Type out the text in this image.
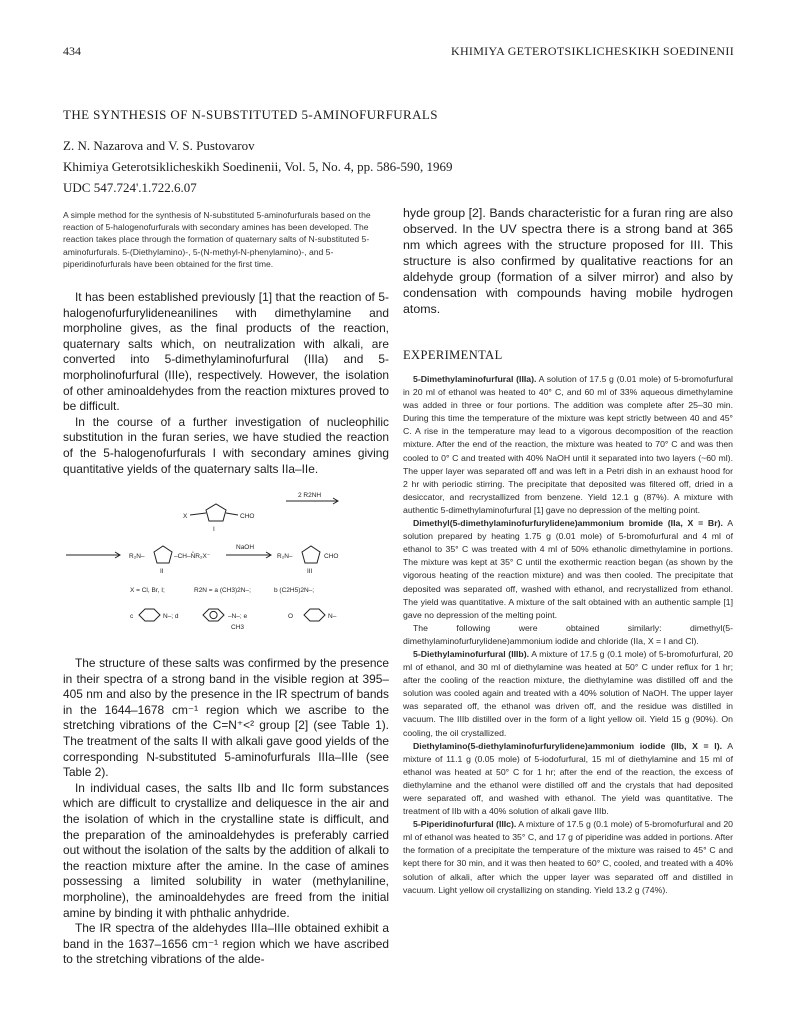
434	KHIMIYA GETEROTSIKLICHESKIKH SOEDINENII
THE SYNTHESIS OF N-SUBSTITUTED 5-AMINOFURFURALS
Z. N. Nazarova and V. S. Pustovarov
Khimiya Geterotsiklicheskikh Soedinenii, Vol. 5, No. 4, pp. 586-590, 1969
UDC 547.724'.1.722.6.07
A simple method for the synthesis of N-substituted 5-aminofurfurals based on the reaction of 5-halogenofurfurals with secondary amines has been developed. The reaction takes place through the formation of quaternary salts of N-substituted 5-aminofurfurals. 5-(Diethylamino)-, 5-(N-methyl-N-phenylamino)-, and 5-piperidinofurfurals have been obtained for the first time.

It has been established previously [1] that the reaction of 5-halogenofurfurylideneanilines with dimethylamine and morpholine gives, as the final products of the reaction, quaternary salts which, on neutralization with alkali, are converted into 5-dimethylaminofurfural (IIIa) and 5-morpholinofurfural (IIIe), respectively. However, the isolation of other aminoaldehydes from the reaction mixtures proved to be difficult.

In the course of a further investigation of nucleophilic substitution in the furan series, we have studied the reaction of the 5-halogenofurfurals I with secondary amines giving quantitative yields of the quaternary salts IIa–IIe.

X	CHO
I
2 R2NH
R₂N–	–CH–N̊R₂X⁻
II
NaOH
R₂N–	CHO
III
X = Cl, Br, I;	R2N = a (CH3)2N–;	b (C2H5)2N–;
c	N–; d	–N–; e
CH3
O	N–

The structure of these salts was confirmed by the presence in their spectra of a strong band in the visible region at 395–405 nm and also by the presence in the IR spectrum of bands in the 1644–1678 cm⁻¹ region which we ascribe to the stretching vibrations of the C=N⁺<² group [2] (see Table 1). The treatment of the salts II with alkali gave good yields of the corresponding N-substituted 5-aminofurfurals IIIa–IIIe (see Table 2).

In individual cases, the salts IIb and IIc form substances which are difficult to crystallize and deliquesce in the air and the isolation of which in the crystalline state is difficult, and the preparation of the aminoaldehydes is preferably carried out without the isolation of the salts by the addition of alkali to the reaction mixture after the amine. In the case of amines possessing a limited solubility in water (methylaniline, morpholine), the aminoaldehydes are freed from the initial amine by binding it with phthalic anhydride.

The IR spectra of the aldehydes IIIa–IIIe obtained exhibit a band in the 1637–1656 cm⁻¹ region which we have ascribed to the stretching vibrations of the alde-

hyde group [2]. Bands characteristic for a furan ring are also observed. In the UV spectra there is a strong band at 365 nm which agrees with the structure proposed for III. This structure is also confirmed by qualitative reactions for an aldehyde group (formation of a silver mirror) and also by condensation with compounds having mobile hydrogen atoms.
EXPERIMENTAL

5-Dimethylaminofurfural (IIIa). A solution of 17.5 g (0.01 mole) of 5-bromofurfural in 20 ml of ethanol was heated to 40° C, and 60 ml of 33% aqueous dimethylamine was added in three or four portions. The addition was complete after 25–30 min. During this time the temperature of the mixture was kept strictly between 40 and 45° C. A rise in the temperature may lead to a vigorous decomposition of the reaction mixture. After the end of the reaction, the mixture was heated to 70° C and was then cooled to 0° C and treated with 40% NaOH until it separated into two layers (~60 ml). The upper layer was separated off and was left in a Petri dish in an exhaust hood for 2 hr with periodic stirring. The precipitate that deposited was filtered off, dried in a desiccator, and recrystallized from benzene. Yield 12.1 g (87%). A mixture with authentic 5-dimethylaminofurfural [1] gave no depression of the melting point.

Dimethyl(5-dimethylaminofurfurylidene)ammonium bromide (IIa, X = Br). A solution prepared by heating 1.75 g (0.01 mole) of 5-bromofurfural and 4 ml of ethanol to 35° C was treated with 4 ml of 50% ethanolic dimethylamine in portions. The mixture was kept at 35° C until the exothermic reaction began (as shown by the vigorous heating of the reaction mixture) and was then cooled. The precipitate that deposited was separated off, washed with ethanol, and recrystallized from ethanol. The yield was quantitative. A mixture of the salt obtained with an authentic sample [1] gave no depression of the melting point.

The following were obtained similarly: dimethyl(5-dimethylaminofurfurylidene)ammonium iodide and chloride (IIa, X = I and Cl).

5-Diethylaminofurfural (IIIb). A mixture of 17.5 g (0.1 mole) of 5-bromofurfural, 20 ml of ethanol, and 30 ml of diethylamine was heated at 50° C under reflux for 1 hr; after the cooling of the reaction mixture, the diethylamine was distilled off and the solution was cooled again and treated with a 40% solution of NaOH. The upper layer was separated off, the ethanol was driven off, and the residue was distilled in vacuum. The IIIb distilled over in the form of a light yellow oil. Yield 15 g (90%). On cooling, the oil crystallized.

Diethylamino(5-diethylaminofurfurylidene)ammonium iodide (IIb, X = I). A mixture of 11.1 g (0.05 mole) of 5-iodofurfural, 15 ml of diethylamine and 15 ml of ethanol was heated at 50° C for 1 hr; after the end of the reaction, the excess of diethylamine and the ethanol were distilled off and the crystals that had deposited were separated off, and washed with ethanol. The yield was quantitative. The treatment of IIb with a 40% solution of alkali gave IIIb.

5-Piperidinofurfural (IIIc). A mixture of 17.5 g (0.1 mole) of 5-bromofurfural and 20 ml of ethanol was heated to 35° C, and 17 g of piperidine was added in portions. After the formation of a precipitate the temperature of the mixture was raised to 45° C and kept there for 30 min, and it was then heated to 60° C, cooled, and treated with a 40% solution of alkali, after which the upper layer was separated off and distilled in vacuum. Light yellow oil crystallizing on standing. Yield 13.2 g (74%).
